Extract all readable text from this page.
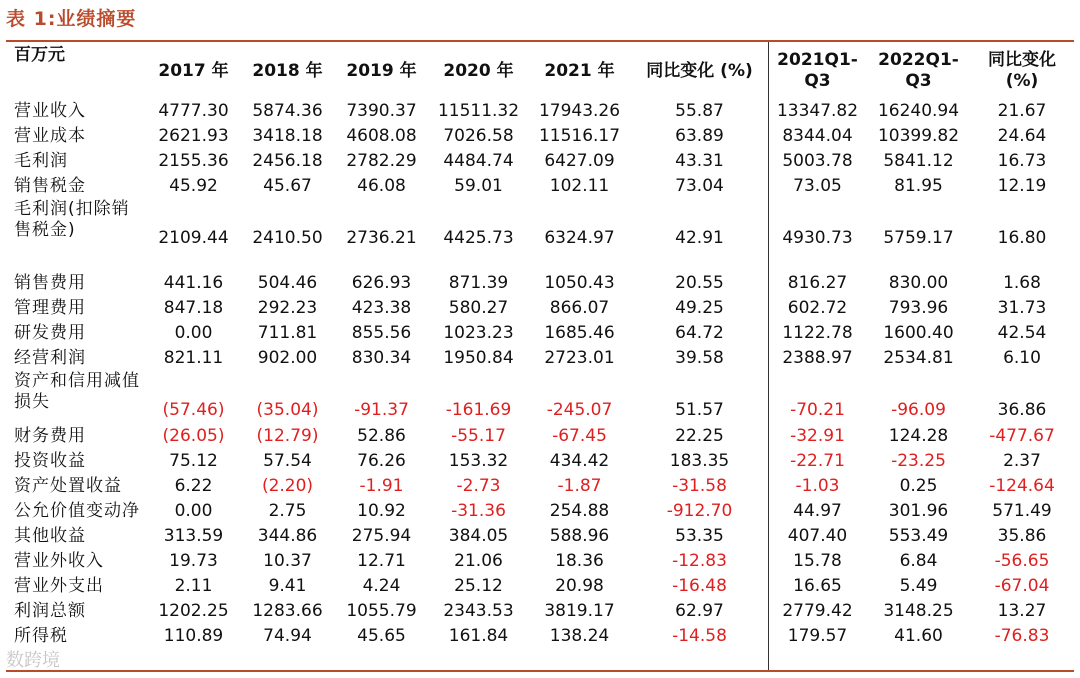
表 1:业绩摘要
百万元	2017 年	2018 年	2019 年	2020 年	2021 年	同比变化 (%)	2021Q1-Q3	2022Q1-Q3	同比变化 (%)
营业收入	4777.30	5874.36	7390.37	11511.32	17943.26	55.87	13347.82	16240.94	21.67
营业成本	2621.93	3418.18	4608.08	7026.58	11516.17	63.89	8344.04	10399.82	24.64
毛利润	2155.36	2456.18	2782.29	4484.74	6427.09	43.31	5003.78	5841.12	16.73
销售税金	45.92	45.67	46.08	59.01	102.11	73.04	73.05	81.95	12.19
毛利润(扣除销售税金)	2109.44	2410.50	2736.21	4425.73	6324.97	42.91	4930.73	5759.17	16.80

销售费用	441.16	504.46	626.93	871.39	1050.43	20.55	816.27	830.00	1.68
管理费用	847.18	292.23	423.38	580.27	866.07	49.25	602.72	793.96	31.73
研发费用	0.00	711.81	855.56	1023.23	1685.46	64.72	1122.78	1600.40	42.54
经营利润	821.11	902.00	830.34	1950.84	2723.01	39.58	2388.97	2534.81	6.10
资产和信用减值损失	(57.46)	(35.04)	-91.37	-161.69	-245.07	51.57	-70.21	-96.09	36.86
财务费用	(26.05)	(12.79)	52.86	-55.17	-67.45	22.25	-32.91	124.28	-477.67
投资收益	75.12	57.54	76.26	153.32	434.42	183.35	-22.71	-23.25	2.37
资产处置收益	6.22	(2.20)	-1.91	-2.73	-1.87	-31.58	-1.03	0.25	-124.64
公允价值变动净	0.00	2.75	10.92	-31.36	254.88	-912.70	44.97	301.96	571.49
其他收益	313.59	344.86	275.94	384.05	588.96	53.35	407.40	553.49	35.86
营业外收入	19.73	10.37	12.71	21.06	18.36	-12.83	15.78	6.84	-56.65
营业外支出	2.11	9.41	4.24	25.12	20.98	-16.48	16.65	5.49	-67.04
利润总额	1202.25	1283.66	1055.79	2343.53	3819.17	62.97	2779.42	3148.25	13.27
所得税	110.89	74.94	45.65	161.84	138.24	-14.58	179.57	41.60	-76.83
数跨境
